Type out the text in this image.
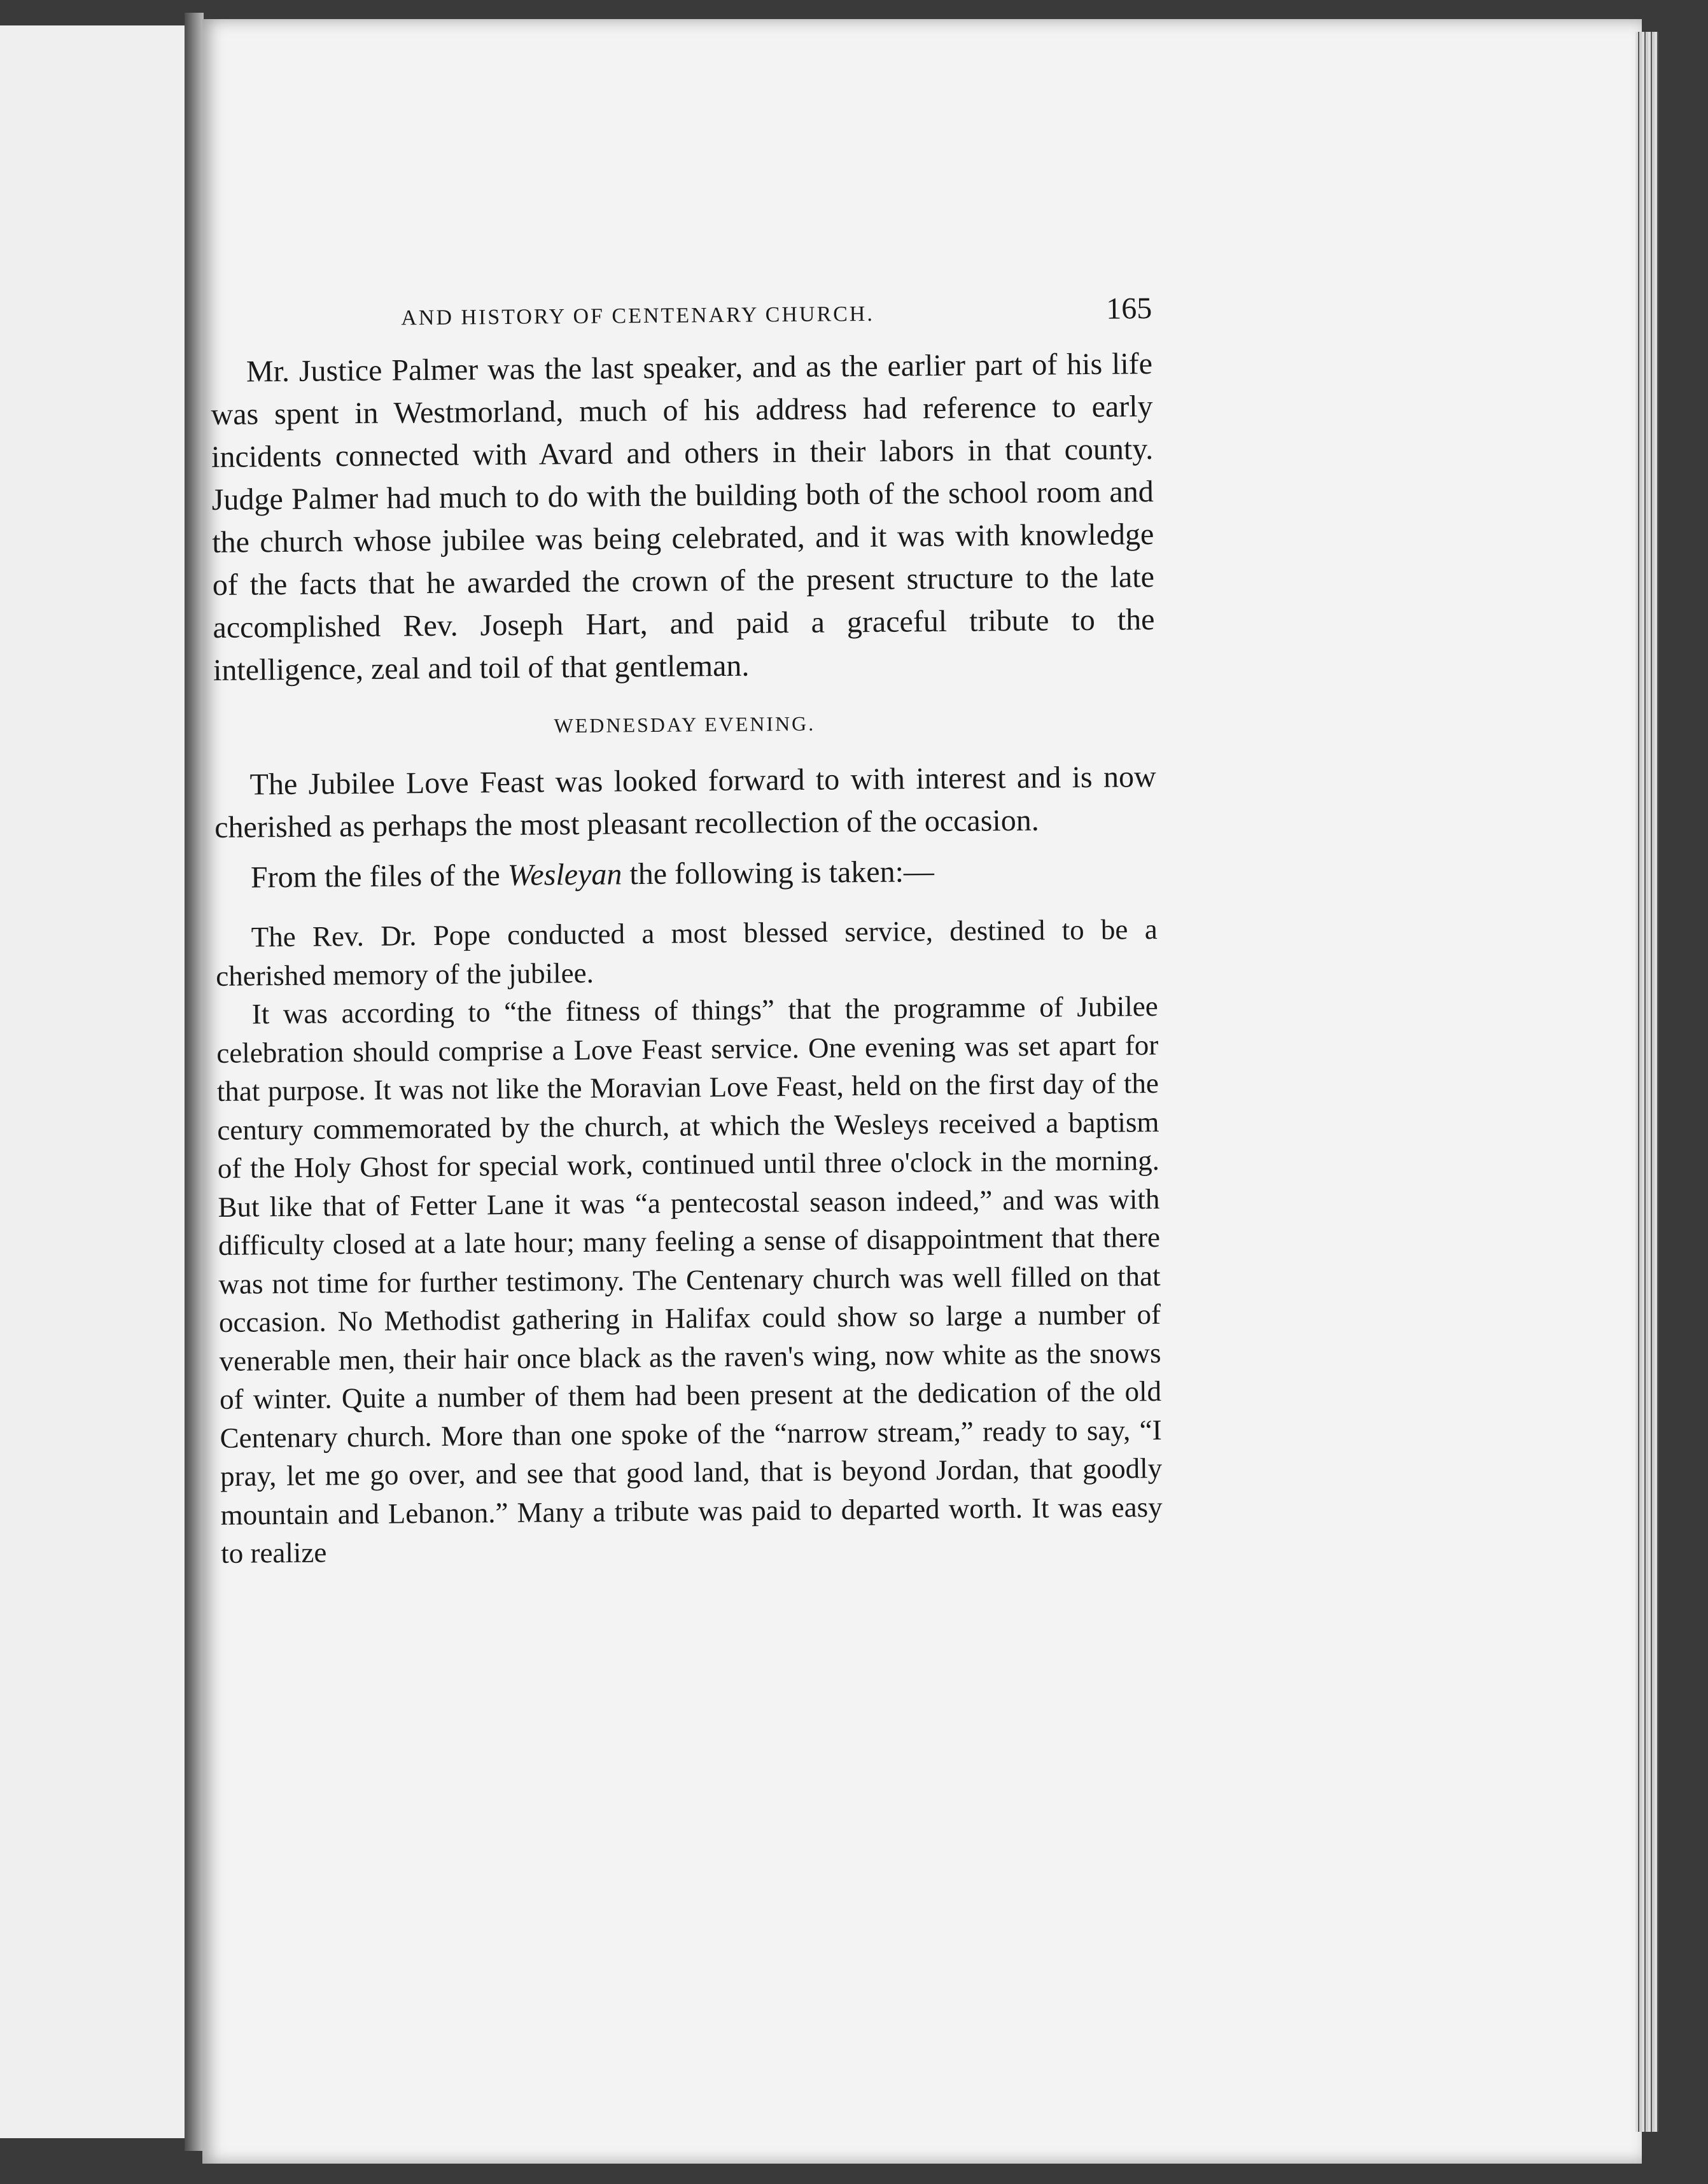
AND HISTORY OF CENTENARY CHURCH.	165

Mr. Justice Palmer was the last speaker, and as the earlier part of his life was spent in Westmorland, much of his address had reference to early incidents connected with Avard and others in their labors in that county. Judge Palmer had much to do with the building both of the school room and the church whose jubilee was being celebrated, and it was with knowledge of the facts that he awarded the crown of the present structure to the late accomplished Rev. Joseph Hart, and paid a graceful tribute to the intelligence, zeal and toil of that gentleman.

WEDNESDAY EVENING.

The Jubilee Love Feast was looked forward to with interest and is now cherished as perhaps the most pleasant recollection of the occasion.

From the files of the Wesleyan the following is taken:—

The Rev. Dr. Pope conducted a most blessed service, destined to be a cherished memory of the jubilee.

It was according to “the fitness of things” that the programme of Jubilee celebration should comprise a Love Feast service. One evening was set apart for that purpose. It was not like the Moravian Love Feast, held on the first day of the century commemorated by the church, at which the Wesleys received a baptism of the Holy Ghost for special work, continued until three o'clock in the morning. But like that of Fetter Lane it was “a pentecostal season indeed,” and was with difficulty closed at a late hour; many feeling a sense of disappointment that there was not time for further testimony. The Centenary church was well filled on that occasion. No Methodist gathering in Halifax could show so large a number of venerable men, their hair once black as the raven's wing, now white as the snows of winter. Quite a number of them had been present at the dedication of the old Centenary church. More than one spoke of the “narrow stream,” ready to say, “I pray, let me go over, and see that good land, that is beyond Jordan, that goodly mountain and Lebanon.” Many a tribute was paid to departed worth. It was easy to realize
